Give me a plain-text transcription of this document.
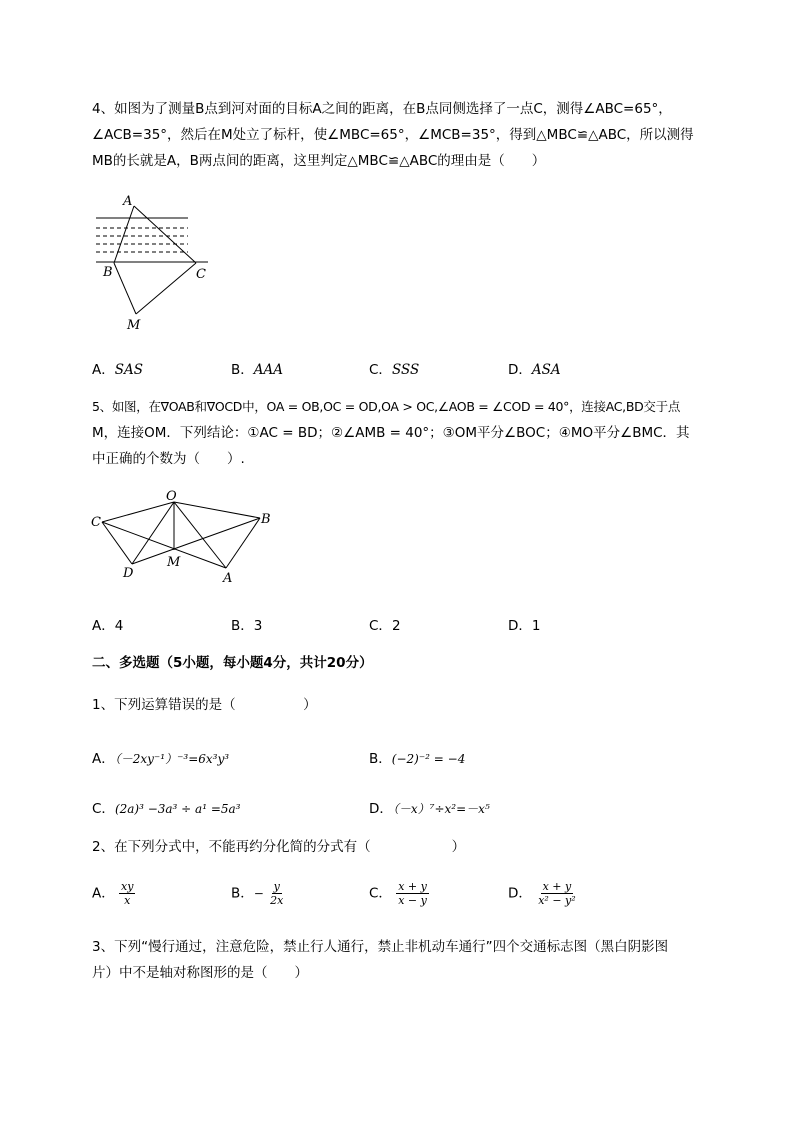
4、如图为了测量B点到河对面的目标A之间的距离，在B点同侧选择了一点C，测得∠ABC=65°，
∠ACB=35°，然后在M处立了标杆，使∠MBC=65°，∠MCB=35°，得到△MBC≌△ABC，所以测得
MB的长就是A，B两点间的距离，这里判定△MBC≌△ABC的理由是（　　）
A
B	C
M
A．SAS	B．AAA	C．SSS	D．ASA
5、如图，在∇OAB和∇OCD中，OA = OB,OC = OD,OA > OC,∠AOB = ∠COD = 40°，连接AC,BD交于点
M，连接OM．下列结论：①AC = BD；②∠AMB = 40°；③OM平分∠BOC；④MO平分∠BMC．其
中正确的个数为（　　）.
O
C	B
D
M
A
A．4	B．3	C．2	D．1
二、多选题（5小题，每小题4分，共计20分）
1、下列运算错误的是（　　　　　）
A．（－2xy⁻¹）⁻³=6x³y³	B．(−2)⁻² = −4
C．(2a)³ −3a³ ÷ a¹ =5a³	D．（－x）⁷÷x²=－x⁵
2、在下列分式中，不能再约分化简的分式有（　　　　　　）
A． $\frac{xy}{x}$	B．− $\frac{y}{2x}$	C． $\frac{x + y}{x - y}$	D． $\frac{x + y}{\text{x² − y²}}$
3、下列“慢行通过，注意危险，禁止行人通行，禁止非机动车通行”四个交通标志图（黑白阴影图
片）中不是轴对称图形的是（　　）
